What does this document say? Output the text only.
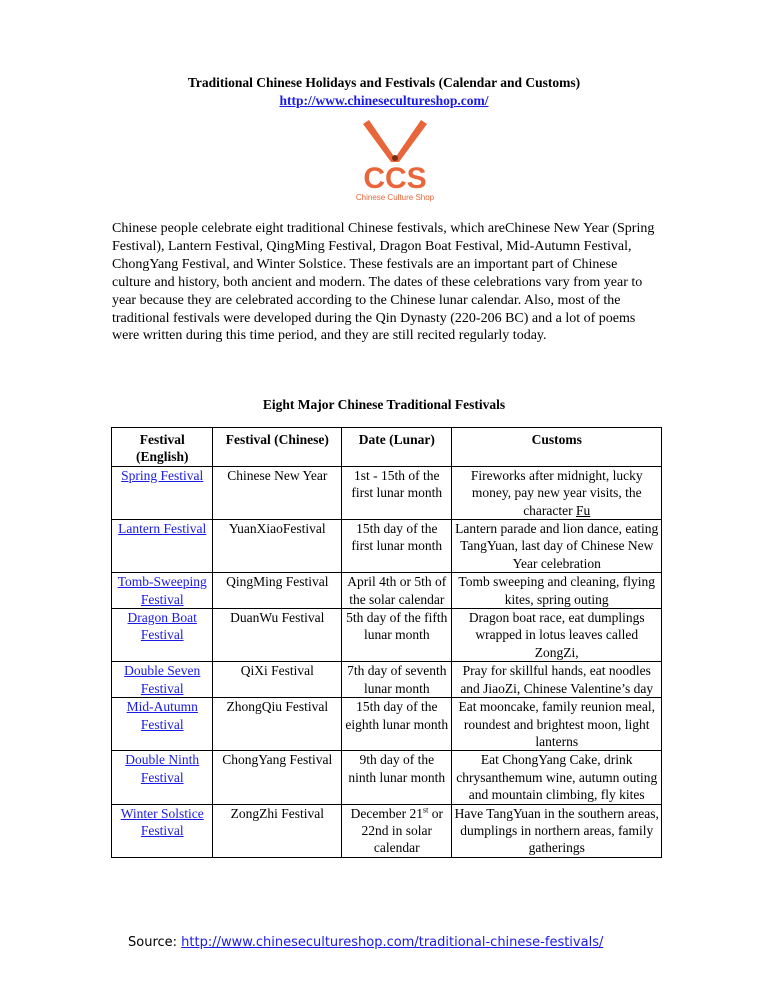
Traditional Chinese Holidays and Festivals (Calendar and Customs)
http://www.chinesecultureshop.com/
CCS
Chinese Culture Shop
Chinese people celebrate eight traditional Chinese festivals, which areChinese New Year (Spring Festival), Lantern Festival, QingMing Festival, Dragon Boat Festival, Mid-Autumn Festival, ChongYang Festival, and Winter Solstice. These festivals are an important part of Chinese culture and history, both ancient and modern. The dates of these celebrations vary from year to year because they are celebrated according to the Chinese lunar calendar. Also, most of the traditional festivals were developed during the Qin Dynasty (220-206 BC) and a lot of poems were written during this time period, and they are still recited regularly today.
Eight Major Chinese Traditional Festivals
Festival (English)	Festival (Chinese)	Date (Lunar)	Customs
Spring Festival	Chinese New Year	1st - 15th of the first lunar month	Fireworks after midnight, lucky money, pay new year visits, the character Fu
Lantern Festival	YuanXiaoFestival	15th day of the first lunar month	Lantern parade and lion dance, eating TangYuan, last day of Chinese New Year celebration
Tomb-Sweeping Festival	QingMing Festival	April 4th or 5th of the solar calendar	Tomb sweeping and cleaning, flying kites, spring outing
Dragon Boat Festival	DuanWu Festival	5th day of the fifth lunar month	Dragon boat race, eat dumplings wrapped in lotus leaves called ZongZi,
Double Seven Festival	QiXi Festival	7th day of seventh lunar month	Pray for skillful hands, eat noodles and JiaoZi, Chinese Valentine’s day
Mid-Autumn Festival	ZhongQiu Festival	15th day of the eighth lunar month	Eat mooncake, family reunion meal, roundest and brightest moon, light lanterns
Double Ninth Festival	ChongYang Festival	9th day of the ninth lunar month	Eat ChongYang Cake, drink chrysanthemum wine, autumn outing and mountain climbing, fly kites
Winter Solstice Festival	ZongZhi Festival	December 21st or 22nd in solar calendar	Have TangYuan in the southern areas, dumplings in northern areas, family gatherings
Source: http://www.chinesecultureshop.com/traditional-chinese-festivals/
